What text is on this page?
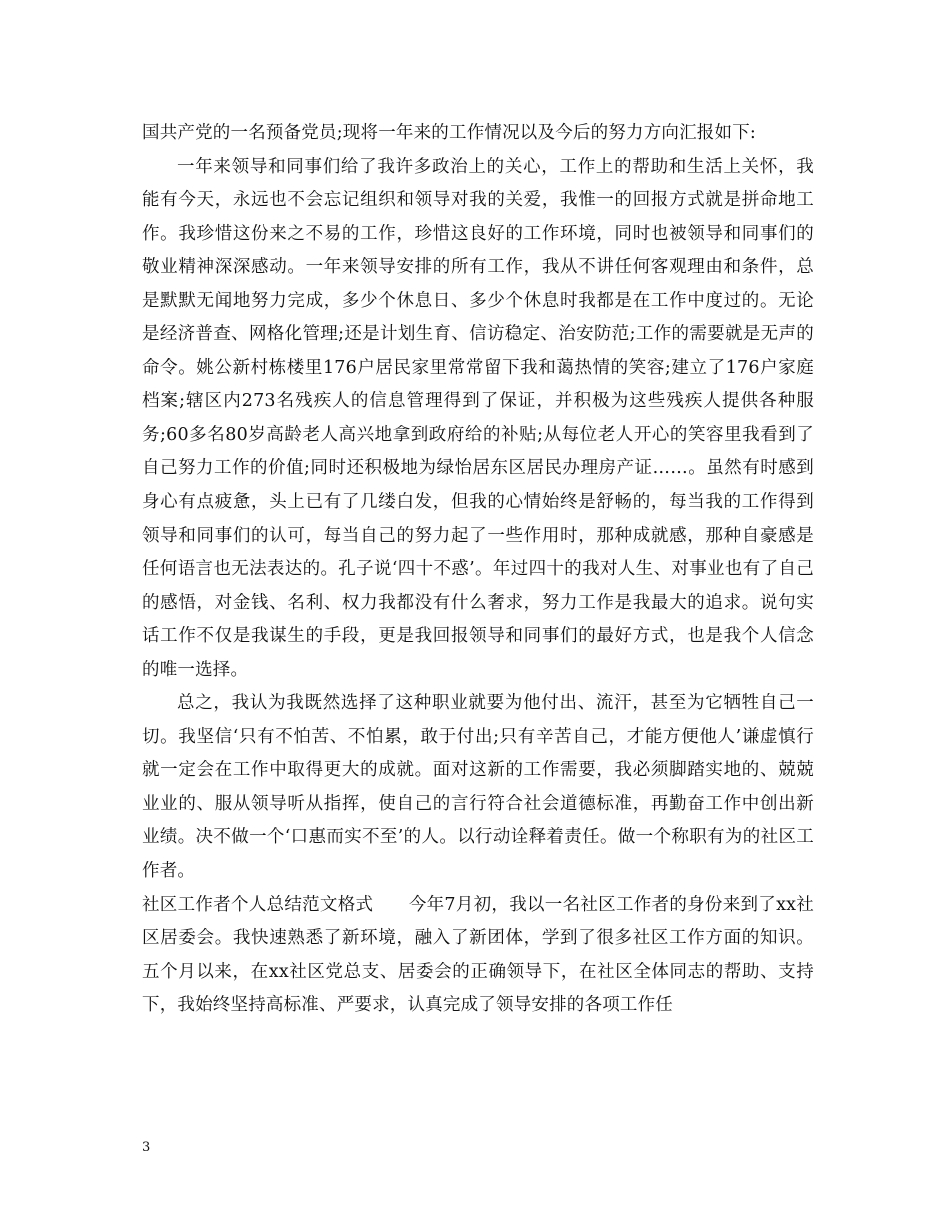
国共产党的一名预备党员;现将一年来的工作情况以及今后的努力方向汇报如下:

一年来领导和同事们给了我许多政治上的关心，工作上的帮助和生活上关怀，我能有今天，永远也不会忘记组织和领导对我的关爱，我惟一的回报方式就是拼命地工作。我珍惜这份来之不易的工作，珍惜这良好的工作环境，同时也被领导和同事们的敬业精神深深感动。一年来领导安排的所有工作，我从不讲任何客观理由和条件，总是默默无闻地努力完成，多少个休息日、多少个休息时我都是在工作中度过的。无论是经济普查、网格化管理;还是计划生育、信访稳定、治安防范;工作的需要就是无声的命令。姚公新村栋楼里176户居民家里常常留下我和蔼热情的笑容;建立了176户家庭档案;辖区内273名残疾人的信息管理得到了保证，并积极为这些残疾人提供各种服务;60多名80岁高龄老人高兴地拿到政府给的补贴;从每位老人开心的笑容里我看到了自己努力工作的价值;同时还积极地为绿怡居东区居民办理房产证……。虽然有时感到身心有点疲惫，头上已有了几缕白发，但我的心情始终是舒畅的，每当我的工作得到领导和同事们的认可，每当自己的努力起了一些作用时，那种成就感，那种自豪感是任何语言也无法表达的。孔子说‘四十不惑’。年过四十的我对人生、对事业也有了自己的感悟，对金钱、名利、权力我都没有什么奢求，努力工作是我最大的追求。说句实话工作不仅是我谋生的手段，更是我回报领导和同事们的最好方式，也是我个人信念的唯一选择。

总之，我认为我既然选择了这种职业就要为他付出、流汗，甚至为它牺牲自己一切。我坚信‘只有不怕苦、不怕累，敢于付出;只有辛苦自己，才能方便他人’谦虚慎行就一定会在工作中取得更大的成就。面对这新的工作需要，我必须脚踏实地的、兢兢业业的、服从领导听从指挥，使自己的言行符合社会道德标准，再勤奋工作中创出新业绩。决不做一个‘口惠而实不至’的人。以行动诠释着责任。做一个称职有为的社区工作者。

社区工作者个人总结范文格式　　今年7月初，我以一名社区工作者的身份来到了xx社区居委会。我快速熟悉了新环境，融入了新团体，学到了很多社区工作方面的知识。五个月以来，在xx社区党总支、居委会的正确领导下，在社区全体同志的帮助、支持下，我始终坚持高标准、严要求，认真完成了领导安排的各项工作任

3
